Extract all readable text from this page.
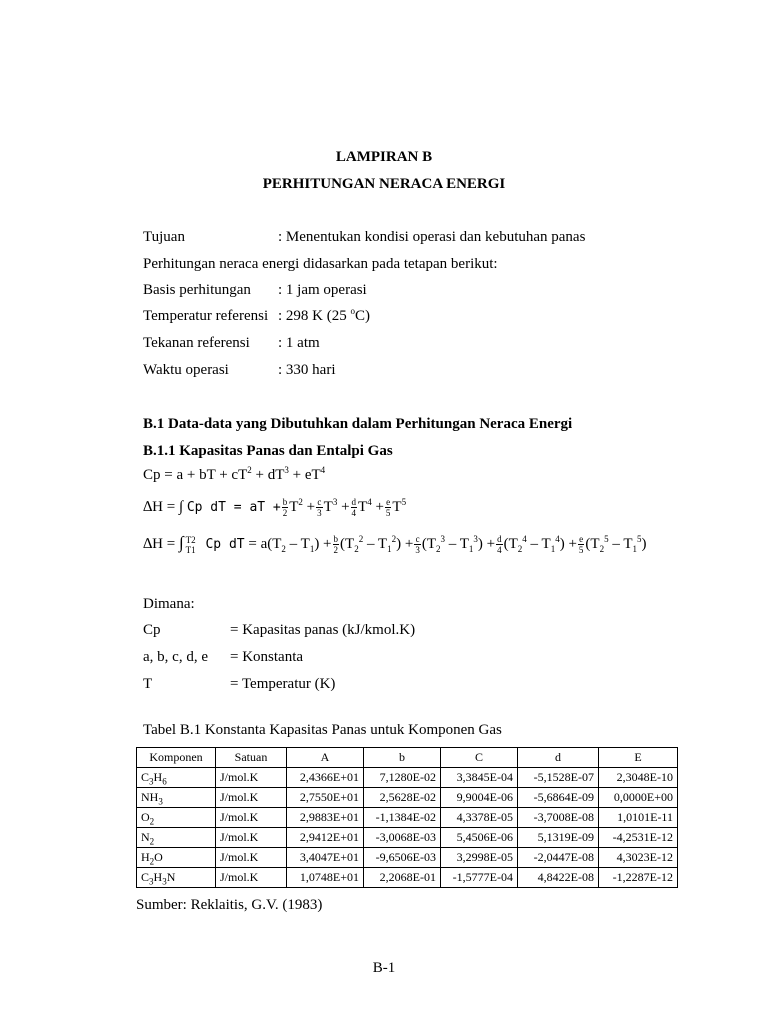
LAMPIRAN B
PERHITUNGAN NERACA ENERGI
Tujuan	: Menentukan kondisi operasi dan kebutuhan panas
Perhitungan neraca energi didasarkan pada tetapan berikut:
Basis perhitungan : 1 jam operasi
Temperatur referensi : 298 K (25 $^o$C)
Tekanan referensi : 1 atm
Waktu operasi	: 330 hari
B.1 Data-data yang Dibutuhkan dalam Perhitungan Neraca Energi
B.1.1 Kapasitas Panas dan Entalpi Gas
Cp = a + bT + $cT^2 + dT^3 + eT^4$
∆H = ∫ Cp dT = aT + $\frac{b}{2} T^2 + \frac{c}{3} T^3 + \frac{d}{4} T^4 + \frac{e}{5} T^5$
∆H = ∫ T2
T1 Cp dT = $a(T_2 - T_1) + \frac{b}{2} (T_2^2 - T_1^2) + \frac{c}{3} (T_2^3 - T_1^3) + \frac{d}{4} (T_2^4 - T_1^4) + \frac{e}{5} (T_2^5 - T_1^5)$
Dimana:
Cp	= Kapasitas panas (kJ/kmol.K)
a, b, c, d, e = Konstanta
T	= Temperatur (K)
Tabel B.1 Konstanta Kapasitas Panas untuk Komponen Gas
Komponen	Satuan	A	b	C	d	E
$C_3H_6$	J/mol.K	2,4366E+01	7,1280E-02	3,3845E-04	-5,1528E-07	2,3048E-10
$NH_3$	J/mol.K	2,7550E+01	2,5628E-02	9,9004E-06	-5,6864E-09	0,0000E+00
$O_2$	J/mol.K	2,9883E+01	-1,1384E-02	4,3378E-05	-3,7008E-08	1,0101E-11
$N_2$	J/mol.K	2,9412E+01	-3,0068E-03	5,4506E-06	5,1319E-09	-4,2531E-12
$H_2O$	J/mol.K	3,4047E+01	-9,6506E-03	3,2998E-05	-2,0447E-08	4,3023E-12
$C_3H_3N$	J/mol.K	1,0748E+01	2,2068E-01	-1,5777E-04	4,8422E-08	-1,2287E-12
Sumber: Reklaitis, G.V. (1983)
B-1
